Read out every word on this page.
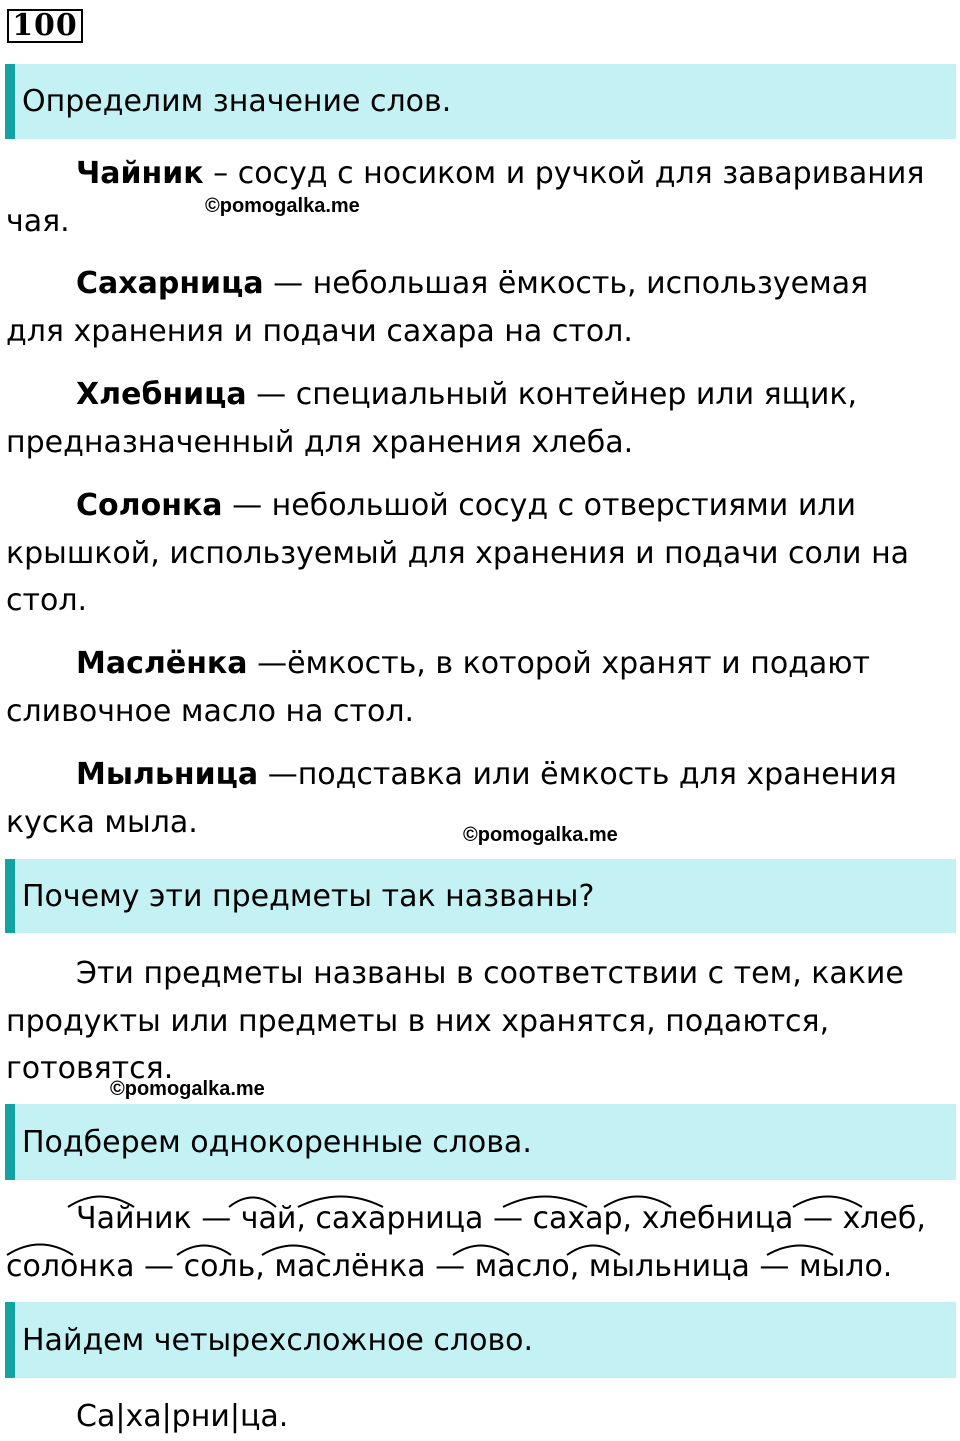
100
Определим значение слов.
Чайник – сосуд с носиком и ручкой для заваривания чая.	©pomogalka.me
Сахарница — небольшая ёмкость, используемая для хранения и подачи сахара на стол.
Хлебница — специальный контейнер или ящик, предназначенный для хранения хлеба.
Солонка — небольшой сосуд с отверстиями или крышкой, используемый для хранения и подачи соли на стол.
Маслёнка —ёмкость, в которой хранят и подают сливочное масло на стол.
Мыльница —подставка или ёмкость для хранения куска мыла.	©pomogalka.me
Почему эти предметы так названы?
Эти предметы названы в соответствии с тем, какие продукты или предметы в них хранятся, подаются, готовятся.
©pomogalka.me
Подберем однокоренные слова.
Чайник — чай, сахарница — сахар, хлебница — хлеб,
солонка — соль, маслёнка — масло, мыльница — мыло.
Найдем четырехсложное слово.
Са|ха|рни|ца.
